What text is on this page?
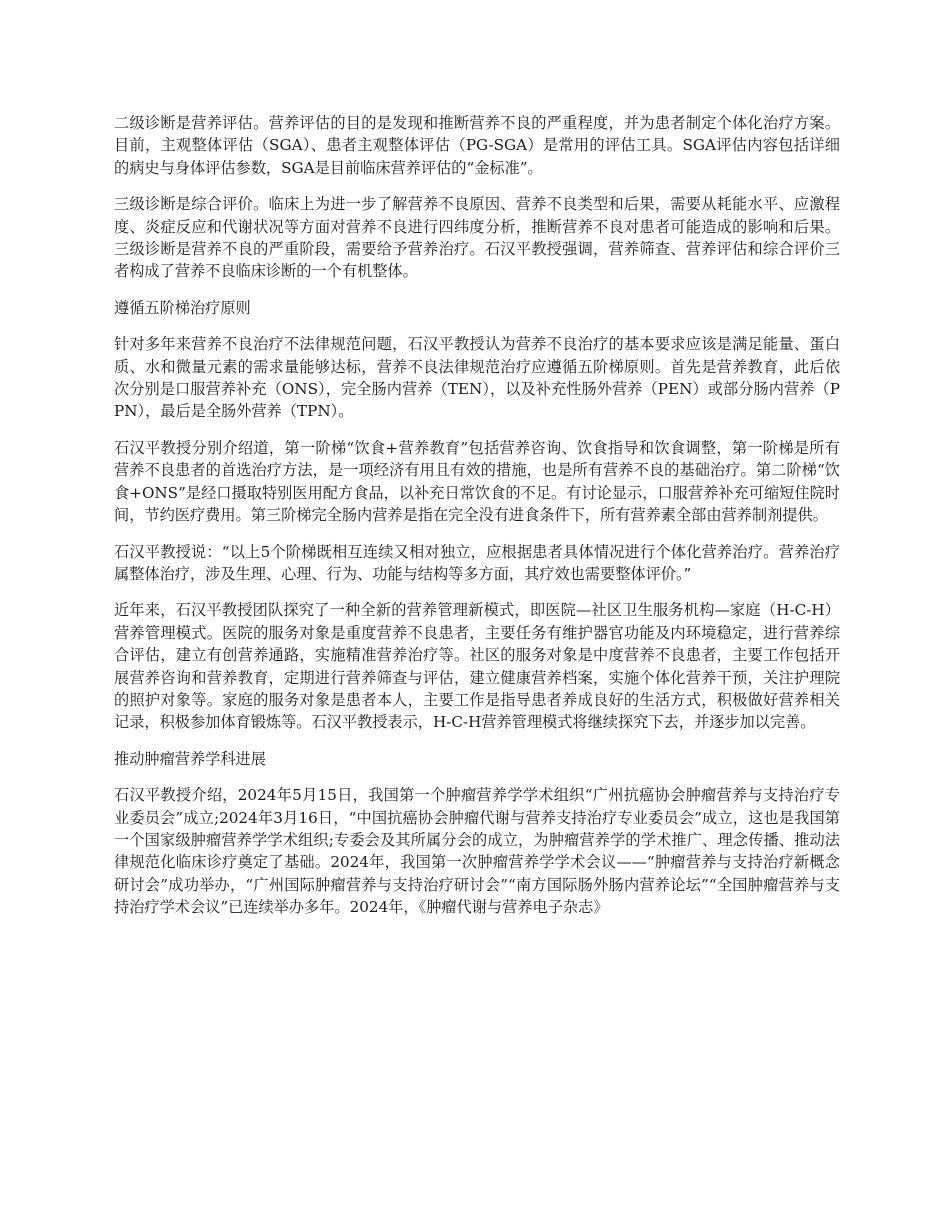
二级诊断是营养评估。营养评估的目的是发现和推断营养不良的严重程度，并为患者制定个体化治疗方案。目前，主观整体评估（SGA）、患者主观整体评估（PG-SGA）是常用的评估工具。SGA评估内容包括详细的病史与身体评估参数，SGA是目前临床营养评估的“金标准”。

三级诊断是综合评价。临床上为进一步了解营养不良原因、营养不良类型和后果，需要从耗能水平、应激程度、炎症反应和代谢状况等方面对营养不良进行四纬度分析，推断营养不良对患者可能造成的影响和后果。三级诊断是营养不良的严重阶段，需要给予营养治疗。石汉平教授强调，营养筛查、营养评估和综合评价三者构成了营养不良临床诊断的一个有机整体。

遵循五阶梯治疗原则

针对多年来营养不良治疗不法律规范问题，石汉平教授认为营养不良治疗的基本要求应该是满足能量、蛋白质、水和微量元素的需求量能够达标，营养不良法律规范治疗应遵循五阶梯原则。首先是营养教育，此后依次分别是口服营养补充（ONS），完全肠内营养（TEN），以及补充性肠外营养（PEN）或部分肠内营养（PPN），最后是全肠外营养（TPN）。

石汉平教授分别介绍道，第一阶梯“饮食+营养教育”包括营养咨询、饮食指导和饮食调整，第一阶梯是所有营养不良患者的首选治疗方法，是一项经济有用且有效的措施，也是所有营养不良的基础治疗。第二阶梯“饮食+ONS”是经口摄取特别医用配方食品，以补充日常饮食的不足。有讨论显示，口服营养补充可缩短住院时间，节约医疗费用。第三阶梯完全肠内营养是指在完全没有进食条件下，所有营养素全部由营养制剂提供。

石汉平教授说：“以上5个阶梯既相互连续又相对独立，应根据患者具体情况进行个体化营养治疗。营养治疗属整体治疗，涉及生理、心理、行为、功能与结构等多方面，其疗效也需要整体评价。”

近年来，石汉平教授团队探究了一种全新的营养管理新模式，即医院—社区卫生服务机构—家庭（H-C-H）营养管理模式。医院的服务对象是重度营养不良患者，主要任务有维护器官功能及内环境稳定，进行营养综合评估，建立有创营养通路，实施精准营养治疗等。社区的服务对象是中度营养不良患者，主要工作包括开展营养咨询和营养教育，定期进行营养筛查与评估，建立健康营养档案，实施个体化营养干预，关注护理院的照护对象等。家庭的服务对象是患者本人，主要工作是指导患者养成良好的生活方式，积极做好营养相关记录，积极参加体育锻炼等。石汉平教授表示，H-C-H营养管理模式将继续探究下去，并逐步加以完善。

推动肿瘤营养学科进展

石汉平教授介绍，2024年5月15日，我国第一个肿瘤营养学学术组织“广州抗癌协会肿瘤营养与支持治疗专业委员会”成立;2024年3月16日，“中国抗癌协会肿瘤代谢与营养支持治疗专业委员会”成立，这也是我国第一个国家级肿瘤营养学学术组织;专委会及其所属分会的成立，为肿瘤营养学的学术推广、理念传播、推动法律规范化临床诊疗奠定了基础。2024年，我国第一次肿瘤营养学学术会议——“肿瘤营养与支持治疗新概念研讨会”成功举办，“广州国际肿瘤营养与支持治疗研讨会”“南方国际肠外肠内营养论坛”“全国肿瘤营养与支持治疗学术会议”已连续举办多年。2024年，《肿瘤代谢与营养电子杂志》
